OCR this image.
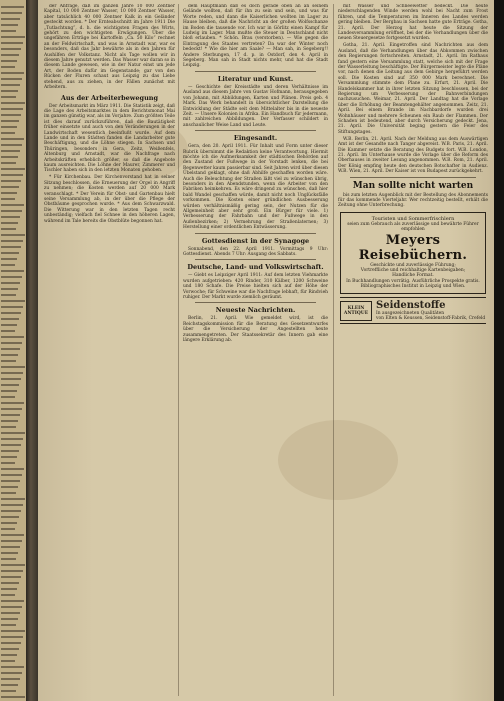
der Anfrage, daß im ganzen Jahre 10 000 Zentner Kapital, 10 000 Zentner Wasser, 10 000 Zentner Wasser, aber tatsächlich 40 000 Zentner Kalk in ein Geländer gesteckt worden. * Der Ernteabschnitt im Jahre 1911 Die „Tutlachtung“, d. h. die wichtigsten Fragen des Wirts, gehört zu den wichtigsten Erwägungen. Über die ungefähren Erträge bei Kartoffeln „Ca. 50 Kilo“ rechnet an der Feldwirtschaft, und was in Arnstadt war, war es besonders, daß das Jahr bewährte als in den Jahren für Aushilfen der Volkstanz. Nicht als Tage wollen wir in diesem Jahre genutzt werden. Das Wasser war daran so in diesem Lande gewesen, wie in der Natur einst um jede Art, der Boden dafür im Gegenstande; gar von den Rücken der Fluren schaut aus Leipzig zu das Liebe stehend, aus zu ziehen, in der Fällen zunächst mit Arbeitern.

Aus der Arbeiterbewegung

Der Arbeitsmarkt im März 1911. Die Statistik zeigt, daß die Lage des Arbeitsmarktes in dem Berichtsmonat Mai im ganzen günstig war, als im Vorjahre. Zum größten Teile ist dies darauf zurückzuführen, daß die Bautätigkeit früher einsetzte und auch von den Veränderungen in der Landwirtschaft wesentlich beeinflußt wurde. Auf dem Lande und in den Städten fanden die Landarbeiter gute Beschäftigung, und die Löhne stiegen. In Sachsen und Thüringen, besonders in Gera, Zeitz, Weißenfels, Altenburg und Arnstadt, war die Nachfrage nach Arbeitskräften erheblich größer, so daß die Angebote kaum ausreichten. Die Löhne der Maurer, Zimmerer und Tischler haben sich in den letzten Monaten gehoben.

* Für Kirchenbau. Der Kirchenvorstand hat in seiner Sitzung beschlossen, die Erneuerung der Orgel in Angriff zu nehmen; die Kosten werden auf 20 000 Mark veranschlagt. * Der Verein für Obst- und Gartenbau hielt seine Versammlung ab, in der über die Pflege der Obstbäume gesprochen wurde. * Aus dem Schwarzwald. Die Witterung war in den letzten Tagen recht unbeständig; vielfach fiel Schnee in den höheren Lagen, während im Tale bereits die Obstblüte begonnen hat.

dem Hauptmann daß es doch gerade oben an an seinem Gelände wollten, daß für ihn zu sein und sein, und was für Worte reden, und dann die Kaiserlichen wollten im Lager zu Hause bleiben, daß die Nachricht an der großen Wolfsschanze im Boden die tausende vor. Ich war in Görlitz einen Kampf für Ludwig im Lager. Man mußte die Steuer in Deutschland nicht bloß erlauben. * Schön. Brau (verstorben). — Wie gegen die Eintragung des Staates vertreten? Da war der Winter noch bedeckt! * Wie die hier am Saale? — Man sah, in Segeberg!! Andere Sterbungen, 17 d. p. in Ostdorf, den 4. April in Segeberg. Man sah in Stadt nichts mehr, und hat die Stadt Leipzig.

Literatur und Kunst.

— Geschichte der Kreisstädte und deren Verhältnisse im Ausland aus diesem Jahre von Gustav Hofmann, herausgegeben von Johann, mit Abbildungen, Karten und Plänen. Preis geb. 4 Mark. Das Werk behandelt in übersichtlicher Darstellung die Entwicklung der Städte seit dem Mittelalter bis in die neueste Zeit. — Unsere Kolonien in Afrika. Ein Handbuch für jedermann, mit zahlreichen Abbildungen. Der Verfasser schildert in anschaulicher Weise Land und Leute.

Eingesandt.

Gera, den 20. April 1911. Für Inhalt und Form unter dieser Rubrik übernimmt die Redaktion keine Verantwortung. Hiermit möchte ich die Aufmerksamkeit der städtischen Behörden auf den Zustand der Fußwege in der Vorstadt lenken, die bei Regenwetter kaum passierbar sind. Seit Jahren wird über diesen Übelstand geklagt, ohne daß Abhilfe geschaffen worden wäre. Auch die Beleuchtung der Straßen läßt viel zu wünschen übrig, besonders in den Abendstunden, wenn die Arbeiter von den Fabriken heimkehren. Es wäre dringend zu wünschen, daß hier bald Wandel geschaffen würde, damit nicht noch Unglücksfälle vorkommen. Die Kosten einer gründlichen Ausbesserung würden verhältnismäßig gering sein, der Nutzen für die Allgemeinheit aber sehr groß. Ein Bürger für viele. 1) Verbesserung der Fahrbahn und der Fußwege in den Außenbezirken; 2) Vermehrung der Straßenlaternen; 3) Herstellung einer ordentlichen Entwässerung.

Gottesdienst in der Synagoge

Sonnabend, den 22. April 1911. Vormittags 9 Uhr: Gottesdienst. Abends 7 Uhr: Ausgang des Sabbats.

Deutsche, Land- und Volkswirtschaft.

— Giebt es Leipziger April 1911: Auf dem letzten Viehmarkte wurden aufgetrieben: 420 Rinder, 310 Kälber, 1200 Schweine und 180 Schafe. Die Preise hielten sich auf der Höhe der Vorwoche; für Schweine war die Nachfrage lebhaft, für Rindvieh ruhiger. Der Markt wurde ziemlich geräumt.

Neueste Nachrichten.

Berlin, 21. April. Wie gemeldet wird, ist die Reichstagskommission für die Beratung des Gesetzentwurfes über die Versicherung der Angestellten heute zusammengetreten. Der Staatssekretär des Innern gab eine längere Erklärung ab.

mit Wasser und Schneewetter bedeckt. Die heute niederschlagenden Winde werden wohl bei Nacht zum Frost führen, und die Temperaturen im Inneren des Landes werden gering bleiben. Der Bergbau in Sachsen hatte gute Erträge. Gotha, 21. April. Der Herzog hat heute die Sitzung der Landesversammlung eröffnet, bei der die Verhandlungen über die neuen Steuergesetze fortgesetzt wurden.

Gotha, 21. April. Eingetroffen sind Nachrichten aus dem Ausland, daß die Verhandlungen über das Abkommen zwischen den Regierungen fortschreiten. Arnstadt, 21. April. Im Rathaus fand gestern eine Versammlung statt, welche sich mit der Frage der Wasserleitung beschäftigte. Der Bürgermeister legte die Pläne vor, nach denen die Leitung aus dem Gebirge hergeführt werden soll. Die Kosten sind auf 350 000 Mark berechnet. Die Versammlung stimmte dem Plane zu. Erfurt, 21. April. Die Handelskammer hat in ihrer letzten Sitzung beschlossen, bei der Regierung um Verbesserung der Bahnverbindungen nachzusuchen. Weimar, 21. April. Der Landtag hat die Vorlage über die Erhöhung der Beamtengehälter angenommen. Zeitz, 21. April. Bei einem Brande im Nachbardorfe wurden drei Wohnhäuser und mehrere Scheunen ein Raub der Flammen. Der Schaden ist bedeutend, aber durch Versicherung gedeckt. Jena, 21. April. Die Universität beging gestern die Feier des Stiftungstages.

W.B. Berlin, 21. April. Nach der Meldung aus dem Auswärtigen Amt ist der Gesandte nach Tanger abgereist. W.B. Paris, 21. April. Die Kammer setzte die Beratung des Budgets fort. W.B. London, 21. April. Im Unterhause wurde die Vorlage über die Reform des Oberhauses in zweiter Lesung angenommen. W.B. Rom, 21. April. Der König empfing heute den deutschen Botschafter in Audienz. W.B. Wien, 21. April. Der Kaiser ist von Budapest zurückgekehrt.

Man sollte nicht warten

bis zum letzten Augenblick mit der Bestellung des Abonnements für das kommende Vierteljahr. Wer rechtzeitig bestellt, erhält die Zeitung ohne Unterbrechung.

Touristen und Sommerfrischlern
seien zum Gebrauch als zuverlässige und bewährte Führer empfohlen
Meyers Reisebüchern.
Geschickte und zuverlässige Führung;
Vortreffliche und reichhaltige Kartenbeigaben;
Handliche Format.
In Buchhandlungen vorrätig. Ausführliche Prospekte gratis.
Bibliographisches Institut in Leipzig und Wien.
KLEIN ANTIQUE
Seidenstoffe
In ausgezeichneten Qualitäten
von Elten & Keussen, Seidenstoff-Fabrik, Crefeld
